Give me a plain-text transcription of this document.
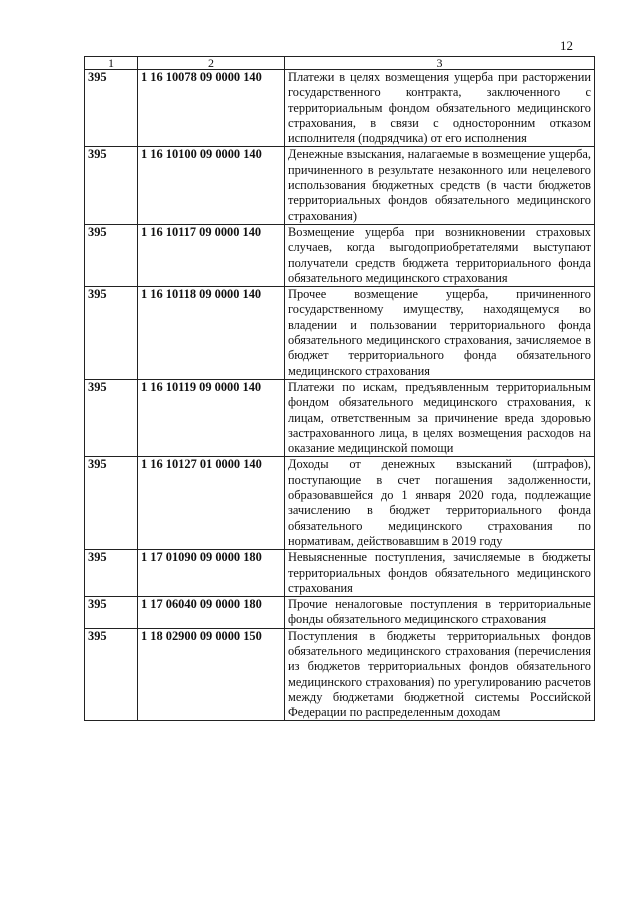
12
1	2	3
395	1 16 10078 09 0000 140	Платежи в целях возмещения ущерба при расторжении государственного контракта, заключенного с территориальным фондом обязательного медицинского страхования, в связи с односторонним отказом исполнителя (подрядчика) от его исполнения
395	1 16 10100 09 0000 140	Денежные взыскания, налагаемые в возмещение ущерба, причиненного в результате незаконного или нецелевого использования бюджетных средств (в части бюджетов территориальных фондов обязательного медицинского страхования)
395	1 16 10117 09 0000 140	Возмещение ущерба при возникновении страховых случаев, когда выгодоприобретателями выступают получатели средств бюджета территориального фонда обязательного медицинского страхования
395	1 16 10118 09 0000 140	Прочее возмещение ущерба, причиненного государственному имуществу, находящемуся во владении и пользовании территориального фонда обязательного медицинского страхования, зачисляемое в бюджет территориального фонда обязательного медицинского страхования
395	1 16 10119 09 0000 140	Платежи по искам, предъявленным территориальным фондом обязательного медицинского страхования, к лицам, ответственным за причинение вреда здоровью застрахованного лица, в целях возмещения расходов на оказание медицинской помощи
395	1 16 10127 01 0000 140	Доходы от денежных взысканий (штрафов), поступающие в счет погашения задолженности, образовавшейся до 1 января 2020 года, подлежащие зачислению в бюджет территориального фонда обязательного медицинского страхования по нормативам, действовавшим в 2019 году
395	1 17 01090 09 0000 180	Невыясненные поступления, зачисляемые в бюджеты территориальных фондов обязательного медицинского страхования
395	1 17 06040 09 0000 180	Прочие неналоговые поступления в территориальные фонды обязательного медицинского страхования
395	1 18 02900 09 0000 150	Поступления в бюджеты территориальных фондов обязательного медицинского страхования (перечисления из бюджетов территориальных фондов обязательного медицинского страхования) по урегулированию расчетов между бюджетами бюджетной системы Российской Федерации по распределенным доходам
